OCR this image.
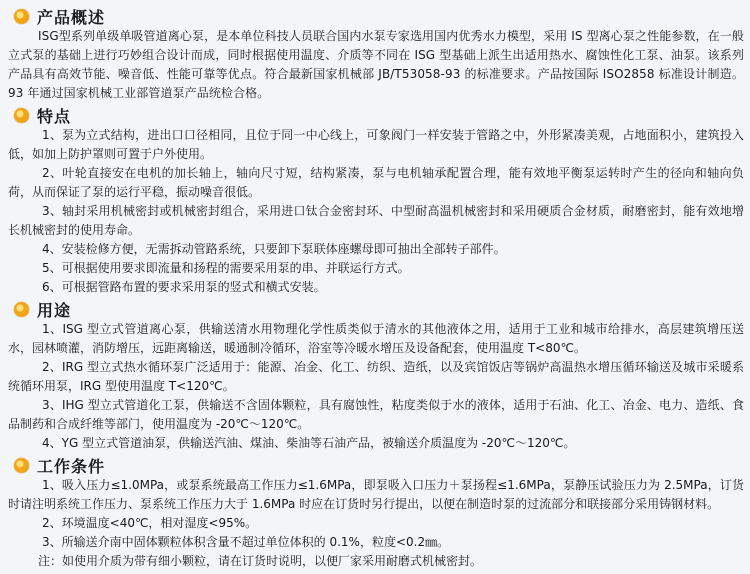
产品概述

ISG型系列单级单吸管道离心泵，是本单位科技人员联合国内水泵专家选用国内优秀水力模型，采用 IS 型离心泵之性能参数，在一般立式泵的基础上进行巧妙组合设计而成，同时根据使用温度、介质等不同在 ISG 型基础上派生出适用热水、腐蚀性化工泵、油泵。该系列产品具有高效节能、噪音低、性能可靠等优点。符合最新国家机械部 JB/T53058-93 的标准要求。产品按国际 ISO2858 标准设计制造。93 年通过国家机械工业部管道泵产品统检合格。

特点

1、泵为立式结构，进出口口径相同，且位于同一中心线上，可象阀门一样安装于管路之中，外形紧凑美观，占地面积小，建筑投入低，如加上防护罩则可置于户外使用。

2、叶轮直接安在电机的加长轴上，轴向尺寸短，结构紧凑，泵与电机轴承配置合理，能有效地平衡泵运转时产生的径向和轴向负荷，从而保证了泵的运行平稳，振动噪音很低。

3、轴封采用机械密封或机械密封组合，采用进口钛合金密封环、中型耐高温机械密封和采用硬质合金材质，耐磨密封，能有效地增长机械密封的使用寿命。

4、安装检修方便，无需拆动管路系统，只要卸下泵联体座螺母即可抽出全部转子部件。

5、可根据使用要求即流量和扬程的需要采用泵的串、并联运行方式。

6、可根据管路布置的要求采用泵的竖式和横式安装。

用途

1、ISG 型立式管道离心泵，供输送清水用物理化学性质类似于清水的其他液体之用，适用于工业和城市给排水，高层建筑增压送水，园林喷灌，消防增压，远距离输送，暖通制冷循环，浴室等冷暖水增压及设备配套，使用温度 T<80℃。

2、IRG 型立式热水循环泵广泛适用于：能源、冶金、化工、纺织、造纸，以及宾馆饭店等锅炉高温热水增压循环输送及城市采暖系统循环用泵，IRG 型使用温度 T<120℃。

3、IHG 型立式管道化工泵，供输送不含固体颗粒，具有腐蚀性，粘度类似于水的液体，适用于石油、化工、冶金、电力、造纸、食品制药和合成纤维等部门，使用温度为 -20℃～120℃。

4、YG 型立式管道油泵，供输送汽油、煤油、柴油等石油产品，被输送介质温度为 -20℃～120℃。

工作条件

1、吸入压力≤1.0MPa，或泵系统最高工作压力≤1.6MPa，即泵吸入口压力＋泵扬程≤1.6MPa，泵静压试验压力为 2.5MPa，订货时请注明系统工作压力、泵系统工作压力大于 1.6MPa 时应在订货时另行提出，以便在制造时泵的过流部分和联接部分采用铸钢材料。

2、环境温度<40℃，相对湿度<95%。

3、所输送介南中固体颗粒体积含量不超过单位体积的 0.1%，粒度<0.2㎜。

注：如使用介质为带有细小颗粒，请在订货时说明，以便厂家采用耐磨式机械密封。
